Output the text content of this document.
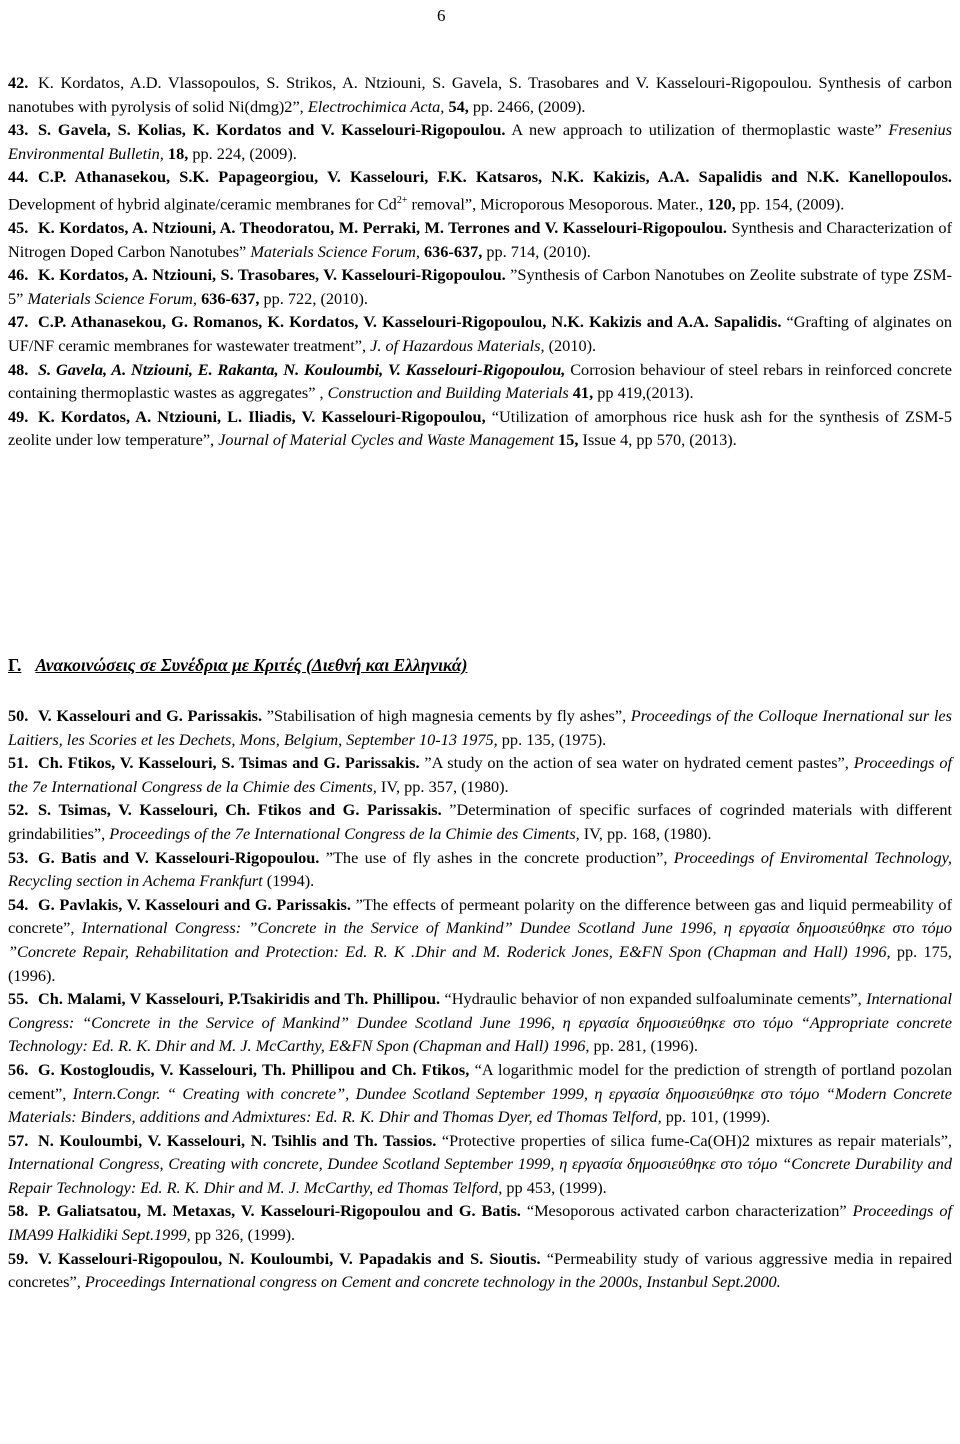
6
42. K. Kordatos, A.D. Vlassopoulos, S. Strikos, A. Ntziouni, S. Gavela, S. Trasobares and V. Kasselouri-Rigopoulou. Synthesis of carbon nanotubes with pyrolysis of solid Ni(dmg)2”, Electrochimica Acta, 54, pp. 2466, (2009).
43. S. Gavela, S. Kolias, K. Kordatos and V. Kasselouri-Rigopoulou. A new approach to utilization of thermoplastic waste” Fresenius Environmental Bulletin, 18, pp. 224, (2009).
44. C.P. Athanasekou, S.K. Papageorgiou, V. Kasselouri, F.K. Katsaros, N.K. Kakizis, A.A. Sapalidis and N.K. Kanellopoulos. Development of hybrid alginate/ceramic membranes for $Cd^{2+}$ removal”, Microporous Mesoporous. Mater., 120, pp. 154, (2009).
45. K. Kordatos, A. Ntziouni, A. Theodoratou, M. Perraki, M. Terrones and V. Kasselouri-Rigopoulou. Synthesis and Characterization of Nitrogen Doped Carbon Nanotubes” Materials Science Forum, 636-637, pp. 714, (2010).
46. K. Kordatos, A. Ntziouni, S. Trasobares, V. Kasselouri-Rigopoulou. ”Synthesis of Carbon Nanotubes on Zeolite substrate of type ZSM- 5” Materials Science Forum, 636-637, pp. 722, (2010).
47. C.P. Athanasekou, G. Romanos, K. Kordatos, V. Kasselouri-Rigopoulou, N.K. Kakizis and A.A. Sapalidis. “Grafting of alginates on UF/NF ceramic membranes for wastewater treatment”, J. of Hazardous Materials, (2010).
48. S. Gavela, A. Ntziouni, E. Rakanta, N. Kouloumbi, V. Kasselouri-Rigopoulou, Corrosion behaviour of steel rebars in reinforced concrete containing thermoplastic wastes as aggregates” , Construction and Building Materials 41, pp 419,(2013).
49. K. Kordatos, A. Ntziouni, L. Iliadis, V. Kasselouri-Rigopoulou, “Utilization of amorphous rice husk ash for the synthesis of ZSM-5 zeolite under low temperature”, Journal of Material Cycles and Waste Management 15, Issue 4, pp 570, (2013).
Γ. Ανακοινώσεις σε Συνέδρια με Κριτές (Διεθνή και Ελληνικά)
50. V. Kasselouri and G. Parissakis. ”Stabilisation of high magnesia cements by fly ashes”, Proceedings of the Colloque Inernational sur les Laitiers, les Scories et les Dechets, Mons, Belgium, September 10-13 1975, pp. 135, (1975).
51. Ch. Ftikos, V. Kasselouri, S. Tsimas and G. Parissakis. ”A study on the action of sea water on hydrated cement pastes”, Proceedings of the 7e International Congress de la Chimie des Ciments, IV, pp. 357, (1980).
52. S. Tsimas, V. Kasselouri, Ch. Ftikos and G. Parissakis. ”Determination of specific surfaces of cogrinded materials with different grindabilities”, Proceedings of the 7e International Congress de la Chimie des Ciments, IV, pp. 168, (1980).
53. G. Batis and V. Kasselouri-Rigopoulou. ”The use of fly ashes in the concrete production”, Proceedings of Enviromental Technology, Recycling section in Achema Frankfurt (1994).
54. G. Pavlakis, V. Kasselouri and G. Parissakis. ”The effects of permeant polarity on the difference between gas and liquid permeability of concrete”, International Congress: ”Concrete in the Service of Mankind” Dundee Scotland June 1996, η εργασία δημοσιεύθηκε στο τόμο ”Concrete Repair, Rehabilitation and Protection: Ed. R. K .Dhir and M. Roderick Jones, E&FN Spon (Chapman and Hall) 1996, pp. 175, (1996).
55. Ch. Malami, V Kasselouri, P.Tsakiridis and Th. Phillipou. “Hydraulic behavior of non expanded sulfoaluminate cements”, International Congress: “Concrete in the Service of Mankind” Dundee Scotland June 1996, η εργασία δημοσιεύθηκε στο τόμο “Appropriate concrete Technology: Ed. R. K. Dhir and M. J. McCarthy, E&FN Spon (Chapman and Hall) 1996, pp. 281, (1996).
56. G. Kostogloudis, V. Kasselouri, Th. Phillipou and Ch. Ftikos, “A logarithmic model for the prediction of strength of portland pozolan cement”, Intern.Congr. “ Creating with concrete”, Dundee Scotland September 1999, η εργασία δημοσιεύθηκε στο τόμο “Modern Concrete Materials: Binders, additions and Admixtures: Ed. R. K. Dhir and Thomas Dyer, ed Thomas Telford, pp. 101, (1999).
57. N. Kouloumbi, V. Kasselouri, N. Tsihlis and Th. Tassios. “Protective properties of silica fume-Ca(OH)2 mixtures as repair materials”, International Congress, Creating with concrete, Dundee Scotland September 1999, η εργασία δημοσιεύθηκε στο τόμο “Concrete Durability and Repair Technology: Ed. R. K. Dhir and M. J. McCarthy, ed Thomas Telford, pp 453, (1999).
58. P. Galiatsatou, M. Metaxas, V. Kasselouri-Rigopoulou and G. Batis. “Mesoporous activated carbon characterization” Proceedings of IMA99 Halkidiki Sept.1999, pp 326, (1999).
59. V. Kasselouri-Rigopoulou, N. Kouloumbi, V. Papadakis and S. Sioutis. “Permeability study of various aggressive media in repaired concretes”, Proceedings International congress on Cement and concrete technology in the 2000s, Instanbul Sept.2000.
